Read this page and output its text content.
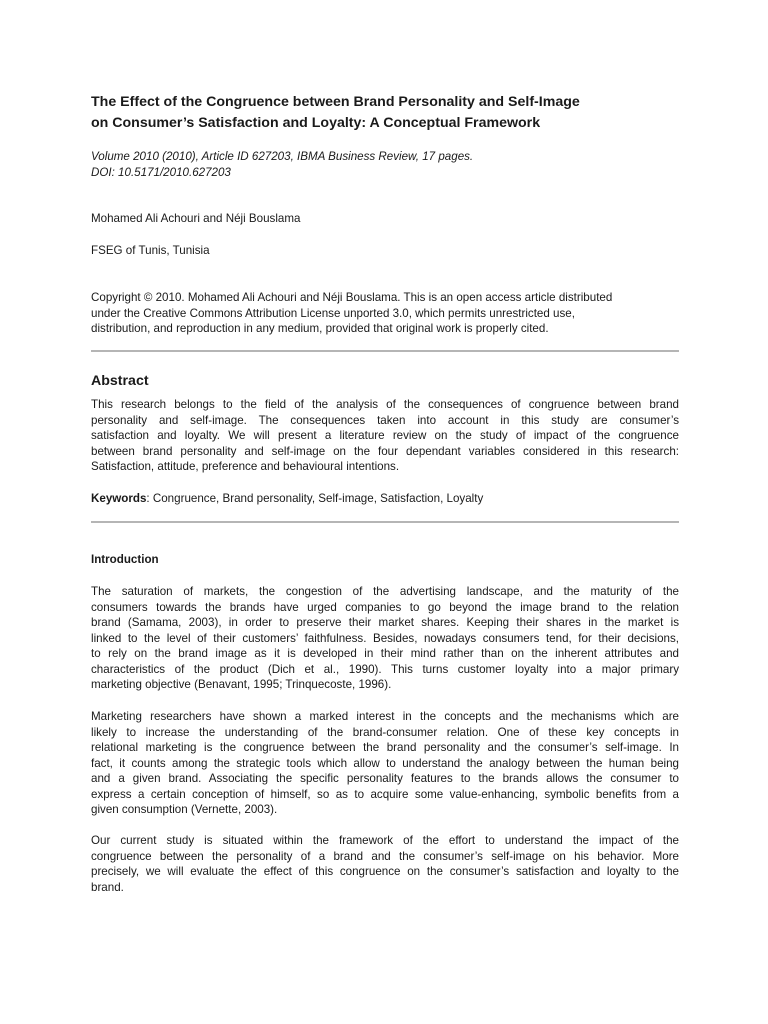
The Effect of the Congruence between Brand Personality and Self-Image
on Consumer’s Satisfaction and Loyalty: A Conceptual Framework
Volume 2010 (2010), Article ID 627203, IBMA Business Review, 17 pages.
DOI: 10.5171/2010.627203
Mohamed Ali Achouri and Néji Bouslama
FSEG of Tunis, Tunisia
Copyright © 2010. Mohamed Ali Achouri and Néji Bouslama. This is an open access article distributed
under the Creative Commons Attribution License unported 3.0, which permits unrestricted use,
distribution, and reproduction in any medium, provided that original work is properly cited.
Abstract
This research belongs to the field of the analysis of the consequences of congruence between brand
personality and self-image. The consequences taken into account in this study are consumer’s
satisfaction and loyalty. We will present a literature review on the study of impact of the congruence
between brand personality and self-image on the four dependant variables considered in this research:
Satisfaction, attitude, preference and behavioural intentions.
Keywords: Congruence, Brand personality, Self-image, Satisfaction, Loyalty
Introduction
The saturation of markets, the congestion of the advertising landscape, and the maturity of the
consumers towards the brands have urged companies to go beyond the image brand to the relation
brand (Samama, 2003), in order to preserve their market shares. Keeping their shares in the market is
linked to the level of their customers’ faithfulness. Besides, nowadays consumers tend, for their decisions,
to rely on the brand image as it is developed in their mind rather than on the inherent attributes and
characteristics of the product (Dich et al., 1990). This turns customer loyalty into a major primary
marketing objective (Benavant, 1995; Trinquecoste, 1996).
Marketing researchers have shown a marked interest in the concepts and the mechanisms which are
likely to increase the understanding of the brand-consumer relation. One of these key concepts in
relational marketing is the congruence between the brand personality and the consumer’s self-image. In
fact, it counts among the strategic tools which allow to understand the analogy between the human being
and a given brand. Associating the specific personality features to the brands allows the consumer to
express a certain conception of himself, so as to acquire some value-enhancing, symbolic benefits from a
given consumption (Vernette, 2003).
Our current study is situated within the framework of the effort to understand the impact of the
congruence between the personality of a brand and the consumer’s self-image on his behavior. More
precisely, we will evaluate the effect of this congruence on the consumer’s satisfaction and loyalty to the
brand.
